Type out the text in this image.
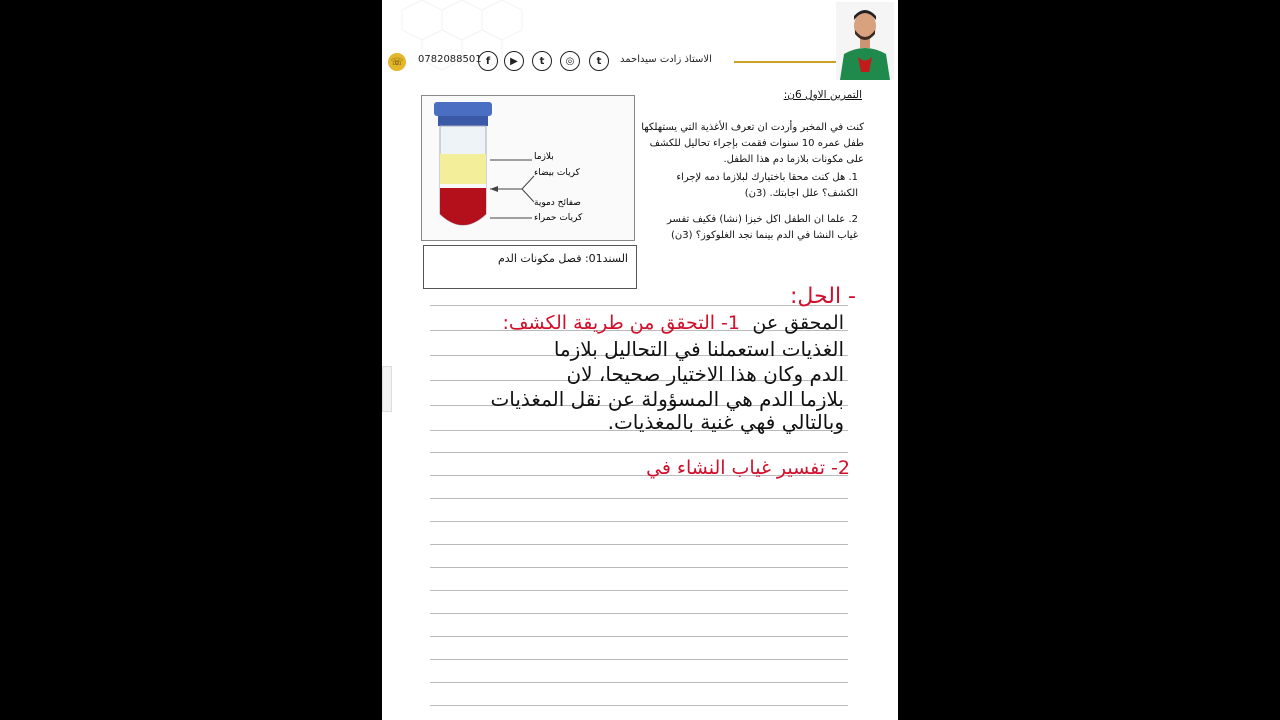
☏ 0782088501 f	▶	t	◎	t	الاستاذ زادت سيداحمد
التمرين الاول 6ن:
بلازما
كريات بيضاء
صفائح دموية
كريات حمراء
السند01: فصل مكونات الدم
كنت في المخبر وأردت ان تعرف الأغذية التي يستهلكها طفل عمره 10 سنوات فقمت بإجراء تحاليل للكشف على مكونات بلازما دم هذا الطفل.
1. هل كنت محقا باختيارك لبلازما دمه لإجراء الكشف؟ علل اجابتك. (3ن)
2. علما ان الطفل اكل خبزا (نشا) فكيف تفسر غياب النشا في الدم بينما نجد الغلوكوز؟ (3ن)
- الحل:
1- التحقق من طريقة الكشف: المحقق عن
الغذيات استعملنا في التحاليل بلازما
الدم وكان هذا الاختيار صحيحا، لان
بلازما الدم هي المسؤولة عن نقل المغذيات
وبالتالي فهي غنية بالمغذيات.
2- تفسير غياب النشاء في
